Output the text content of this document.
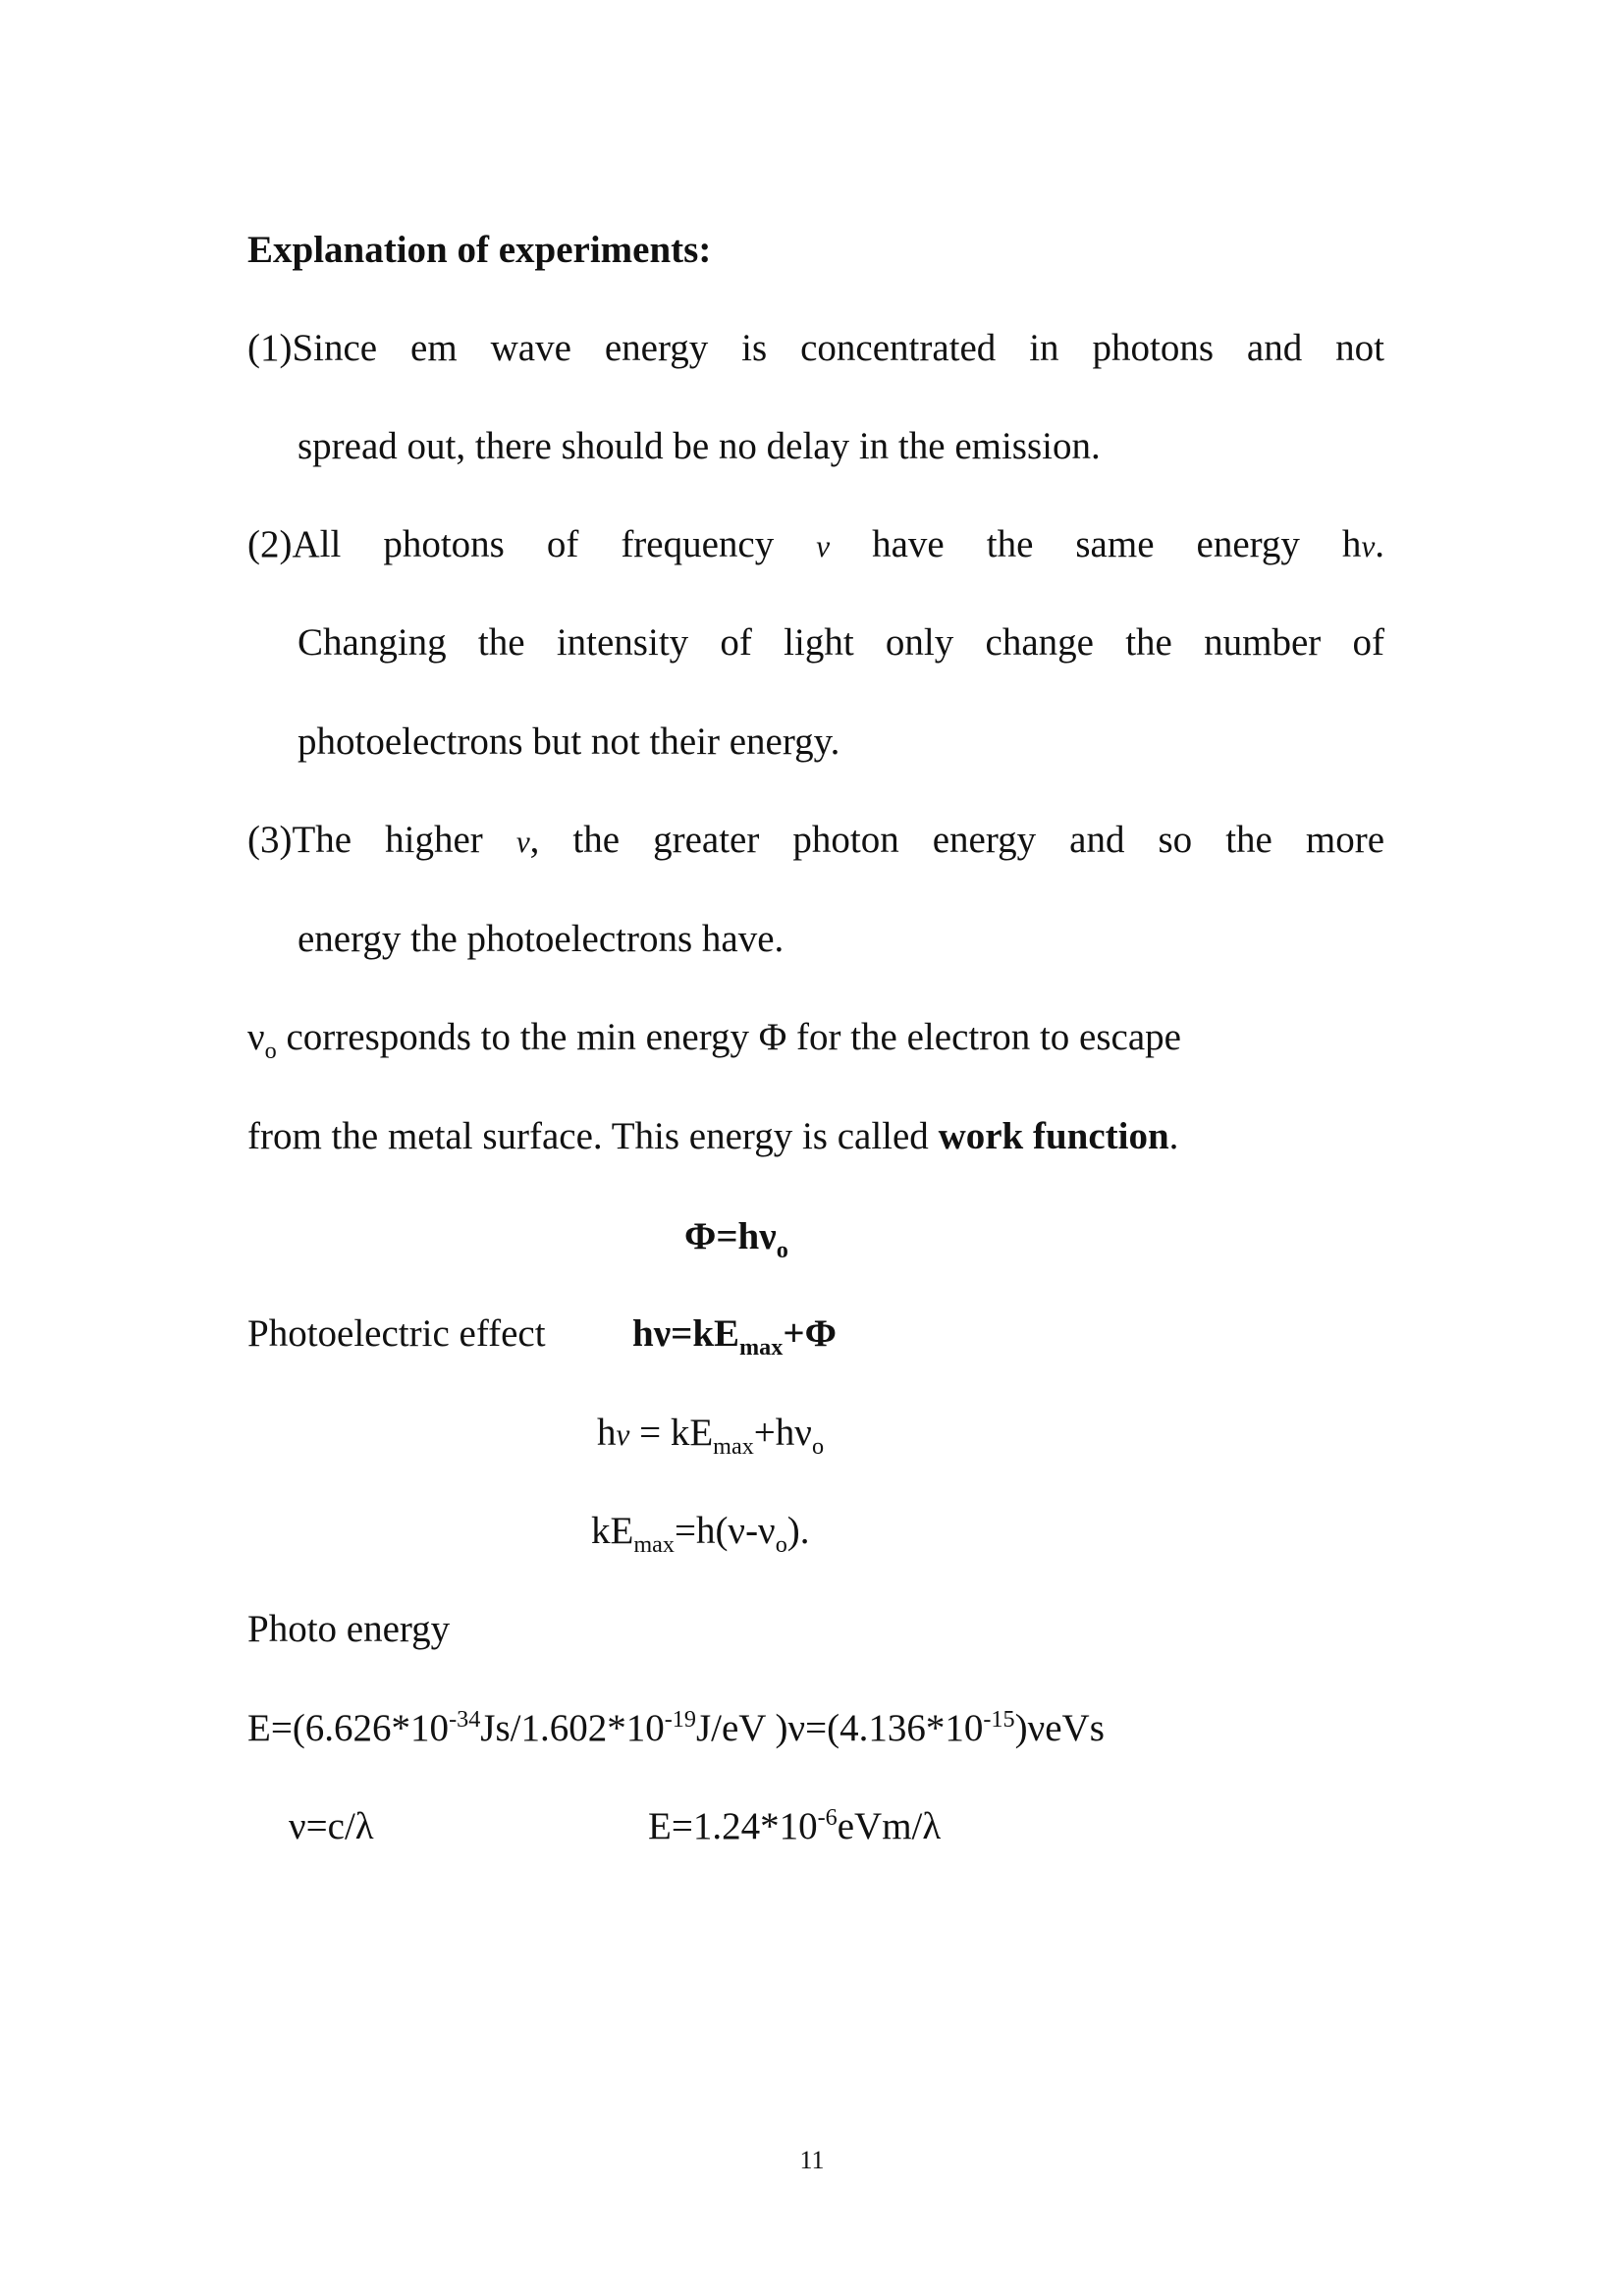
Explanation of experiments:
(1)Since em wave energy is concentrated in photons and not
spread out, there should be no delay in the emission.
(2)All photons of frequency ν have the same energy hν.
Changing the intensity of light only change the number of
photoelectrons but not their energy.
(3)The higher ν, the greater photon energy and so the more
energy the photoelectrons have.
$\nu_o$ corresponds to the min energy Φ for the electron to escape
from the metal surface. This energy is called work function.
$\Phi=h\nu_o$
Photoelectric effect $h\nu=kE_{max}+\Phi$
$h\nu = kE_{max}+h\nu_o$
$kE_{max}=h(\nu-\nu_o)$.
Photo energy
$E=(6.626*10^{-34}Js/1.602*10^{-19}J/eV$ )$\nu=(4.136*10^{-15})\nu eVs$
ν=c/λ	$E=1.24*10^{-6}eVm/\lambda$
11
